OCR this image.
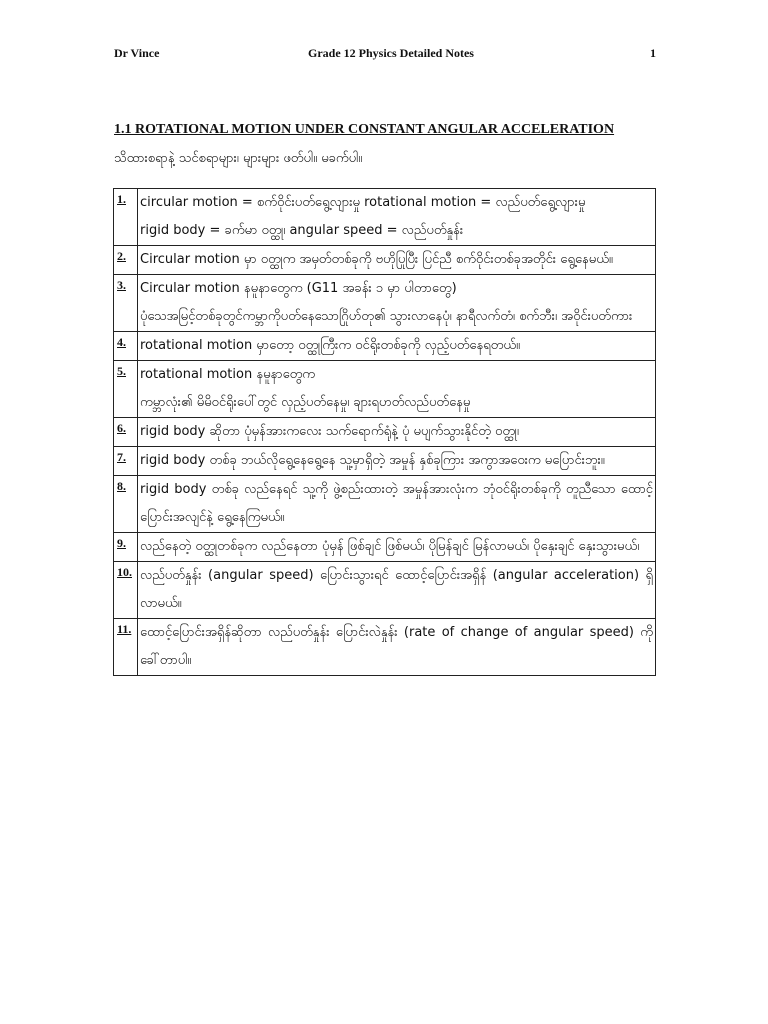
Dr Vince	Grade 12 Physics Detailed Notes	1
1.1 ROTATIONAL MOTION UNDER CONSTANT ANGULAR ACCELERATION
သိထားစရာနဲ့ သင်စရာများ၊ များများ ဖတ်ပါ။ မခက်ပါ။
1.	circular motion = စက်ဝိုင်းပတ်ရွေ့လျားမှု rotational motion = လည်ပတ်ရွေ့လျားမှု
rigid body = ခက်မာ ဝတ္ထု၊ angular speed = လည်ပတ်နှုန်း

2.	Circular motion မှာ ဝတ္ထုက အမှတ်တစ်ခုကို ဗဟိုပြုပြီး ပြင်ညီ စက်ဝိုင်းတစ်ခုအတိုင်း ရွေ့နေမယ်။

3.	Circular motion နမူနာတွေက (G11 အခန်း ၁ မှာ ပါတာတွေ)
ပုံသေအမြင့်တစ်ခုတွင်ကမ္ဘာကိုပတ်နေသောဂြိုဟ်တု၏ သွားလာနေပုံ၊ နာရီလက်တံ၊ စက်ဘီး၊ အဝိုင်းပတ်ကား

4.	rotational motion မှာတော့ ဝတ္ထုကြီးက ဝင်ရိုးတစ်ခုကို လှည့်ပတ်နေရတယ်။

5.	rotational motion နမူနာတွေက
ကမ္ဘာလုံး၏ မိမိဝင်ရိုးပေါ်တွင် လှည့်ပတ်နေမှု၊ ချားရဟတ်လည်ပတ်နေမှု

6.	rigid body ဆိုတာ ပုံမှန်အားကလေး သက်ရောက်ရုံနဲ့ ပုံ မပျက်သွားနိုင်တဲ့ ဝတ္ထု၊

7.	rigid body တစ်ခု ဘယ်လိုရွေ့နေရွေ့နေ သူ့မှာရှိတဲ့ အမှုန် နှစ်ခုကြား အကွာအဝေးက မပြောင်းဘူး။

8.	rigid body တစ်ခု လည်နေရင် သူ့ကို ဖွဲ့စည်းထားတဲ့ အမှုန်အားလုံးက ဘုံဝင်ရိုးတစ်ခုကို တူညီသော ထောင့်ပြောင်းအလျင်နဲ့ ရွေ့နေကြမယ်။

9.	လည်နေတဲ့ ဝတ္ထုတစ်ခုက လည်နေတာ ပုံမှန် ဖြစ်ချင် ဖြစ်မယ်၊ ပိုမြန်ချင် မြန်လာမယ်၊ ပိုနှေးချင် နှေးသွားမယ်၊

10.	လည်ပတ်နှုန်း (angular speed) ပြောင်းသွားရင် ထောင့်ပြောင်းအရှိန် (angular acceleration) ရှိလာမယ်။

11.	ထောင့်ပြောင်းအရှိန်ဆိုတာ လည်ပတ်နှုန်း ပြောင်းလဲနှုန်း (rate of change of angular speed) ကို ခေါ်တာပါ။
